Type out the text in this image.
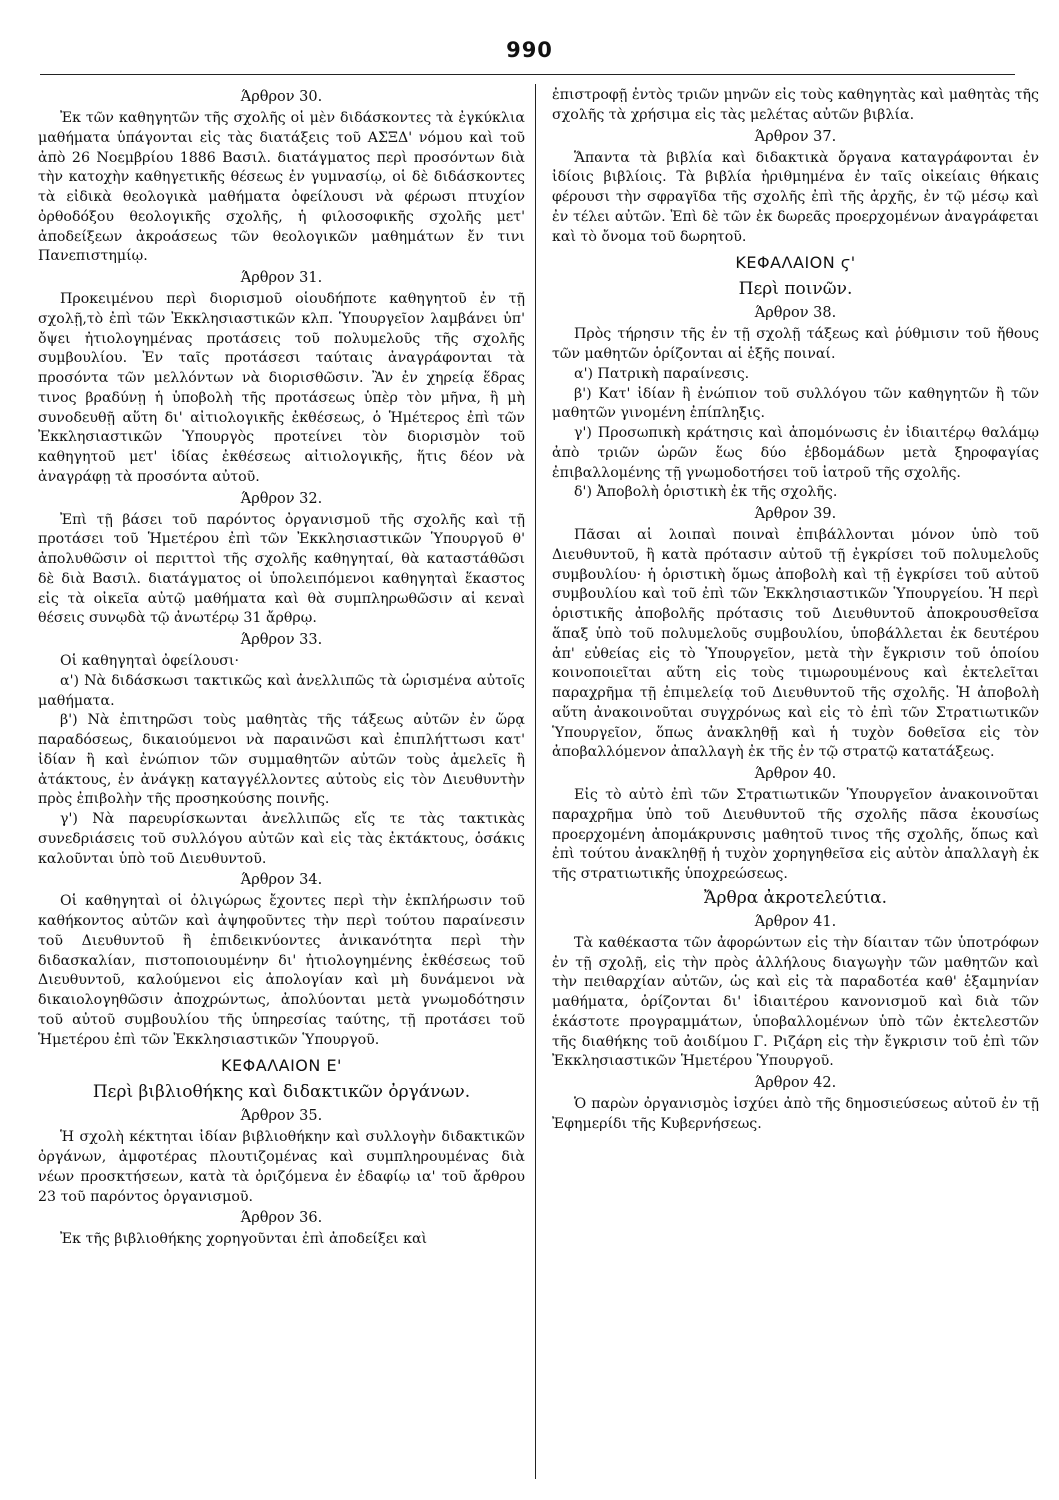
990

Άρθρον 30.

Ἐκ τῶν καθηγητῶν τῆς σχολῆς οἱ μὲν διδάσκοντες τὰ ἐγκύκλια μαθήματα ὑπάγονται εἰς τὰς διατάξεις τοῦ ΑΣΞΔ' νόμου καὶ τοῦ ἀπὸ 26 Νοεμβρίου 1886 Βασιλ. διατάγματος περὶ προσόντων διὰ τὴν κατοχὴν καθηγετικῆς θέσεως ἐν γυμνασίῳ, οἱ δὲ διδάσκοντες τὰ εἰδικὰ θεολογικὰ μαθήματα ὀφείλουσι νὰ φέρωσι πτυχίον ὀρθοδόξου θεολογικῆς σχολῆς, ἡ φιλοσοφικῆς σχολῆς μετ' ἀποδείξεων ἀκροάσεως τῶν θεολογικῶν μαθημάτων ἔν τινι Πανεπιστημίῳ.

Άρθρον 31.

Προκειμένου περὶ διορισμοῦ οἱουδήποτε καθηγητοῦ ἐν τῇ σχολῇ,τὸ ἐπὶ τῶν Ἐκκλησιαστικῶν κλπ. Ὑπουργεῖον λαμβάνει ὑπ' ὄψει ἠτιολογημένας προτάσεις τοῦ πολυμελοῦς τῆς σχολῆς συμβουλίου. Ἐν ταῖς προτάσεσι ταύταις ἀναγράφονται τὰ προσόντα τῶν μελλόντων νὰ διορισθῶσιν. Ἂν ἐν χηρείᾳ ἕδρας τινος βραδύνῃ ἡ ὑποβολὴ τῆς προτάσεως ὑπὲρ τὸν μῆνα, ἢ μὴ συνοδευθῇ αὕτη δι' αἰτιολογικῆς ἐκθέσεως, ὁ Ἡμέτερος ἐπὶ τῶν Ἐκκλησιαστικῶν Ὑπουργὸς προτείνει τὸν διορισμὸν τοῦ καθηγητοῦ μετ' ἰδίας ἐκθέσεως αἰτιολογικῆς, ἥτις δέον νὰ ἀναγράφῃ τὰ προσόντα αὐτοῦ.

Άρθρον 32.

Ἐπὶ τῇ βάσει τοῦ παρόντος ὀργανισμοῦ τῆς σχολῆς καὶ τῇ προτάσει τοῦ Ἡμετέρου ἐπὶ τῶν Ἐκκλησιαστικῶν Ὑπουργοῦ θ' ἀπολυθῶσιν οἱ περιττοὶ τῆς σχολῆς καθηγηταί, θὰ καταστάθῶσι δὲ διὰ Βασιλ. διατάγματος οἱ ὑπολειπόμενοι καθηγηταὶ ἕκαστος εἰς τὰ οἰκεῖα αὐτῷ μαθήματα καὶ θὰ συμπληρωθῶσιν αἱ κεναὶ θέσεις συνῳδὰ τῷ ἀνωτέρῳ 31 ἄρθρῳ.

Άρθρον 33.

Οἱ καθηγηταὶ ὀφείλουσι·

α') Νὰ διδάσκωσι τακτικῶς καὶ ἀνελλιπῶς τὰ ὡρισμένα αὐτοῖς μαθήματα.

β') Νὰ ἐπιτηρῶσι τοὺς μαθητὰς τῆς τάξεως αὐτῶν ἐν ὥρᾳ παραδόσεως, δικαιούμενοι νὰ παραινῶσι καὶ ἐπιπλήττωσι κατ' ἰδίαν ἢ καὶ ἐνώπιον τῶν συμμαθητῶν αὐτῶν τοὺς ἀμελεῖς ἢ ἀτάκτους, ἐν ἀνάγκῃ καταγγέλλοντες αὐτοὺς εἰς τὸν Διευθυντὴν πρὸς ἐπιβολὴν τῆς προσηκούσης ποινῆς.

γ') Νὰ παρευρίσκωνται ἀνελλιπῶς εἴς τε τὰς τακτικὰς συνεδριάσεις τοῦ συλλόγου αὐτῶν καὶ εἰς τὰς ἐκτάκτους, ὁσάκις καλοῦνται ὑπὸ τοῦ Διευθυντοῦ.

Άρθρον 34.

Οἱ καθηγηταὶ οἱ ὀλιγώρως ἔχοντες περὶ τὴν ἐκπλήρωσιν τοῦ καθήκοντος αὐτῶν καὶ ἀψηφοῦντες τὴν περὶ τούτου παραίνεσιν τοῦ Διευθυντοῦ ἢ ἐπιδεικνύοντες ἀνικανότητα περὶ τὴν διδασκαλίαν, πιστοποιουμένην δι' ἠτιολογημένης ἐκθέσεως τοῦ Διευθυντοῦ, καλούμενοι εἰς ἀπολογίαν καὶ μὴ δυνάμενοι νὰ δικαιολογηθῶσιν ἀποχρώντως, ἀπολύονται μετὰ γνωμοδότησιν τοῦ αὐτοῦ συμβουλίου τῆς ὑπηρεσίας ταύτης, τῇ προτάσει τοῦ Ἡμετέρου ἐπὶ τῶν Ἐκκλησιαστικῶν Ὑπουργοῦ.

ΚΕΦΑΛΑΙΟΝ Ε'

Περὶ βιβλιοθήκης καὶ διδακτικῶν ὀργάνων.

Άρθρον 35.

Ἡ σχολὴ κέκτηται ἰδίαν βιβλιοθήκην καὶ συλλογὴν διδακτικῶν ὀργάνων, ἀμφοτέρας πλουτιζομένας καὶ συμπληρουμένας διὰ νέων προσκτήσεων, κατὰ τὰ ὁριζόμενα ἐν ἐδαφίῳ ια' τοῦ ἄρθρου 23 τοῦ παρόντος ὀργανισμοῦ.

Άρθρον 36.

Ἐκ τῆς βιβλιοθήκης χορηγοῦνται ἐπὶ ἀποδείξει καὶ

ἐπιστροφῇ ἐντὸς τριῶν μηνῶν εἰς τοὺς καθηγητὰς καὶ μαθητὰς τῆς σχολῆς τὰ χρήσιμα εἰς τὰς μελέτας αὐτῶν βιβλία.

Άρθρον 37.

Ἅπαντα τὰ βιβλία καὶ διδακτικὰ ὄργανα καταγράφονται ἐν ἰδίοις βιβλίοις. Τὰ βιβλία ἠριθμημένα ἐν ταῖς οἰκείαις θήκαις φέρουσι τὴν σφραγῖδα τῆς σχολῆς ἐπὶ τῆς ἀρχῆς, ἐν τῷ μέσῳ καὶ ἐν τέλει αὐτῶν. Ἐπὶ δὲ τῶν ἐκ δωρεᾶς προερχομένων ἀναγράφεται καὶ τὸ ὄνομα τοῦ δωρητοῦ.

ΚΕΦΑΛΑΙΟΝ ϛ'

Περὶ ποινῶν.

Άρθρον 38.

Πρὸς τήρησιν τῆς ἐν τῇ σχολῇ τάξεως καὶ ῥύθμισιν τοῦ ἤθους τῶν μαθητῶν ὁρίζονται αἱ ἑξῆς ποιναί.

α') Πατρικὴ παραίνεσις.

β') Κατ' ἰδίαν ἢ ἐνώπιον τοῦ συλλόγου τῶν καθηγητῶν ἢ τῶν μαθητῶν γινομένη ἐπίπληξις.

γ') Προσωπικὴ κράτησις καὶ ἀπομόνωσις ἐν ἰδιαιτέρῳ θαλάμῳ ἀπὸ τριῶν ὡρῶν ἕως δύο ἑβδομάδων μετὰ ξηροφαγίας ἐπιβαλλομένης τῇ γνωμοδοτήσει τοῦ ἰατροῦ τῆς σχολῆς.

δ') Ἀποβολὴ ὁριστικὴ ἐκ τῆς σχολῆς.

Άρθρον 39.

Πᾶσαι αἱ λοιπαὶ ποιναὶ ἐπιβάλλονται μόνον ὑπὸ τοῦ Διευθυντοῦ, ἢ κατὰ πρότασιν αὐτοῦ τῇ ἐγκρίσει τοῦ πολυμελοῦς συμβουλίου· ἡ ὁριστικὴ ὅμως ἀποβολὴ καὶ τῇ ἐγκρίσει τοῦ αὐτοῦ συμβουλίου καὶ τοῦ ἐπὶ τῶν Ἐκκλησιαστικῶν Ὑπουργείου. Ἡ περὶ ὁριστικῆς ἀποβολῆς πρότασις τοῦ Διευθυντοῦ ἀποκρουσθεῖσα ἅπαξ ὑπὸ τοῦ πολυμελοῦς συμβουλίου, ὑποβάλλεται ἐκ δευτέρου ἀπ' εὐθείας εἰς τὸ Ὑπουργεῖον, μετὰ τὴν ἔγκρισιν τοῦ ὁποίου κοινοποιεῖται αὕτη εἰς τοὺς τιμωρουμένους καὶ ἐκτελεῖται παραχρῆμα τῇ ἐπιμελείᾳ τοῦ Διευθυντοῦ τῆς σχολῆς. Ἡ ἀποβολὴ αὕτη ἀνακοινοῦται συγχρόνως καὶ εἰς τὸ ἐπὶ τῶν Στρατιωτικῶν Ὑπουργεῖον, ὅπως ἀνακληθῇ καὶ ἡ τυχὸν δοθεῖσα εἰς τὸν ἀποβαλλόμενον ἀπαλλαγὴ ἐκ τῆς ἐν τῷ στρατῷ κατατάξεως.

Άρθρον 40.

Εἰς τὸ αὐτὸ ἐπὶ τῶν Στρατιωτικῶν Ὑπουργεῖον ἀνακοινοῦται παραχρῆμα ὑπὸ τοῦ Διευθυντοῦ τῆς σχολῆς πᾶσα ἑκουσίως προερχομένη ἀπομάκρυνσις μαθητοῦ τινος τῆς σχολῆς, ὅπως καὶ ἐπὶ τούτου ἀνακληθῇ ἡ τυχὸν χορηγηθεῖσα εἰς αὐτὸν ἀπαλλαγὴ ἐκ τῆς στρατιωτικῆς ὑποχρεώσεως.

Ἄρθρα ἀκροτελεύτια.

Άρθρον 41.

Τὰ καθέκαστα τῶν ἀφορώντων εἰς τὴν δίαιταν τῶν ὑποτρόφων ἐν τῇ σχολῇ, εἰς τὴν πρὸς ἀλλήλους διαγωγὴν τῶν μαθητῶν καὶ τὴν πειθαρχίαν αὐτῶν, ὡς καὶ εἰς τὰ παραδοτέα καθ' ἑξαμηνίαν μαθήματα, ὁρίζονται δι' ἰδιαιτέρου κανονισμοῦ καὶ διὰ τῶν ἑκάστοτε προγραμμάτων, ὑποβαλλομένων ὑπὸ τῶν ἐκτελεστῶν τῆς διαθήκης τοῦ ἀοιδίμου Γ. Ριζάρη εἰς τὴν ἔγκρισιν τοῦ ἐπὶ τῶν Ἐκκλησιαστικῶν Ἡμετέρου Ὑπουργοῦ.

Άρθρον 42.

Ὁ παρὼν ὀργανισμὸς ἰσχύει ἀπὸ τῆς δημοσιεύσεως αὐτοῦ ἐν τῇ Ἐφημερίδι τῆς Κυβερνήσεως.
